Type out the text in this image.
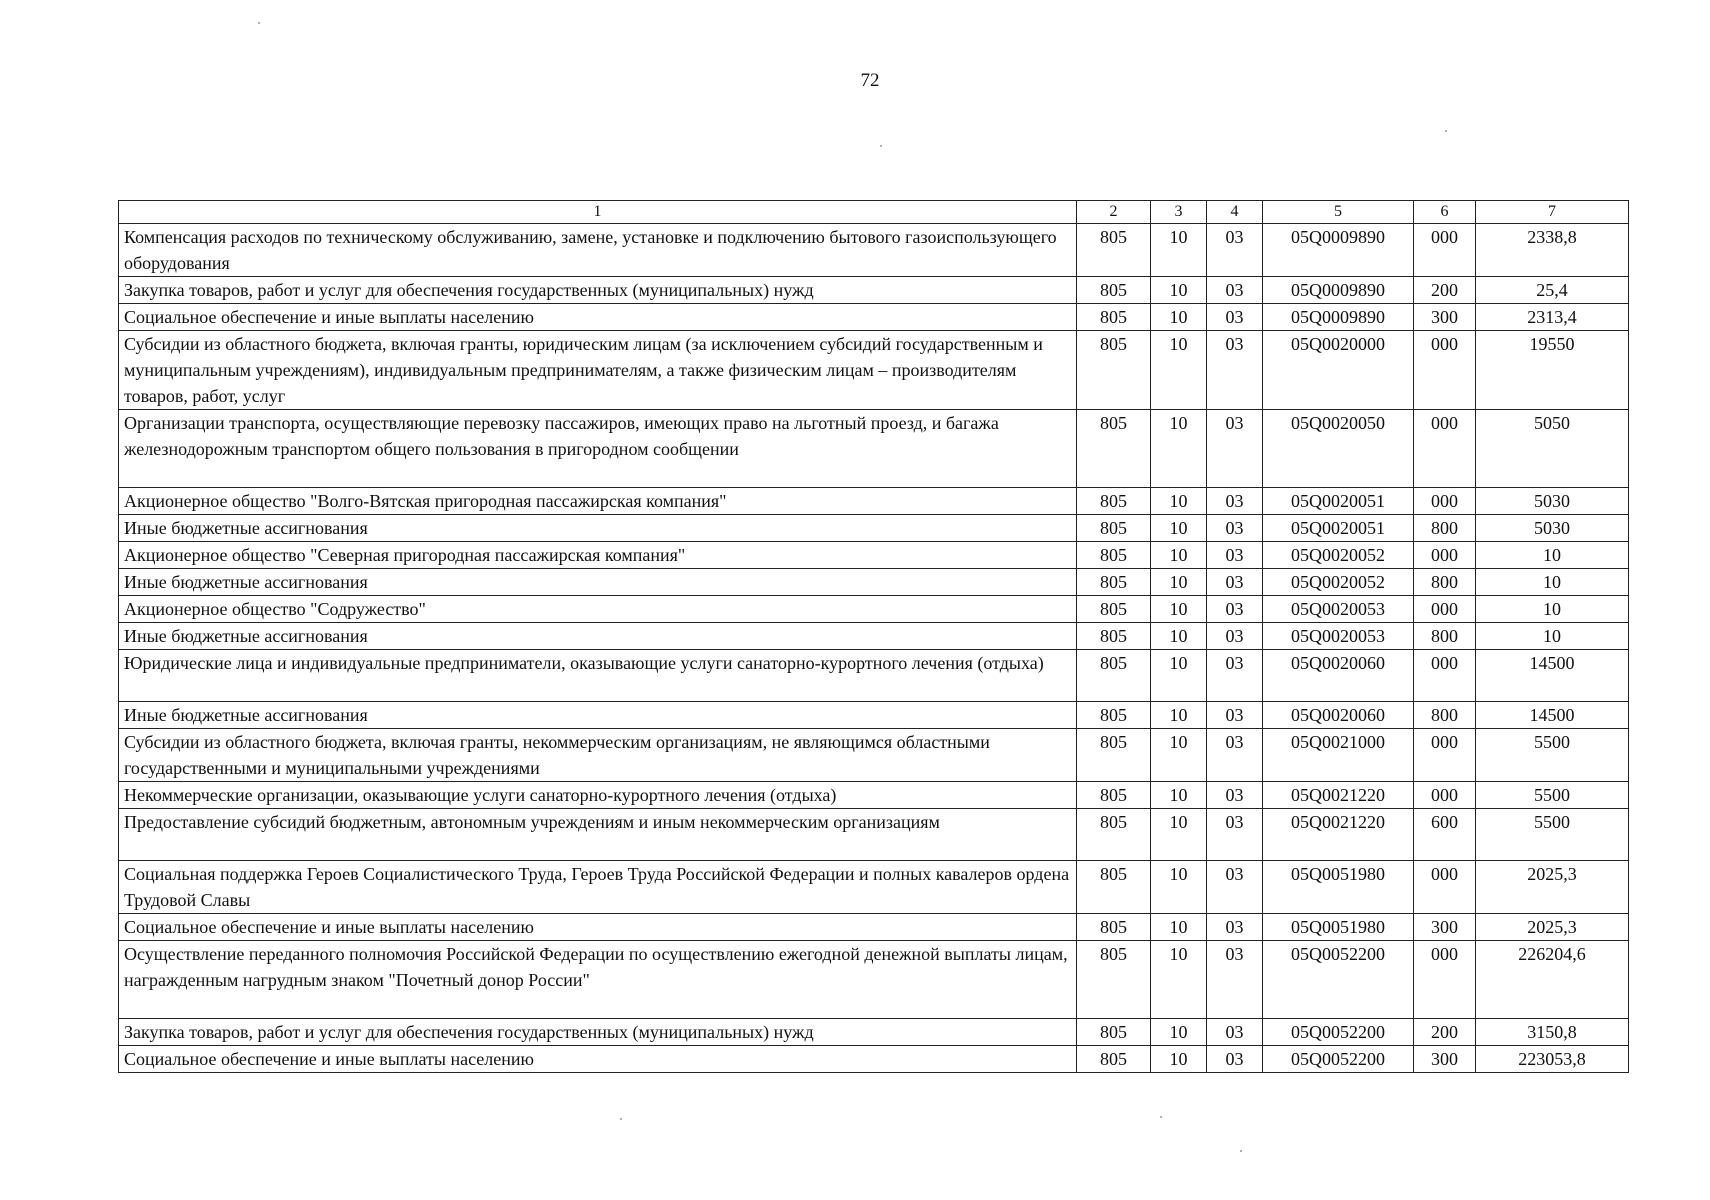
72
1	2	3	4	5	6	7
Компенсация расходов по техническому обслуживанию, замене, установке и подключению бытового газоиспользующего оборудования	805	10	03	05Q0009890	000	2338,8
Закупка товаров, работ и услуг для обеспечения государственных (муниципальных) нужд	805	10	03	05Q0009890	200	25,4
Социальное обеспечение и иные выплаты населению	805	10	03	05Q0009890	300	2313,4
Субсидии из областного бюджета, включая гранты, юридическим лицам (за исключением субсидий государственным и муниципальным учреждениям), индивидуальным предпринимателям, а также физическим лицам – производителям товаров, работ, услуг	805	10	03	05Q0020000	000	19550
Организации транспорта, осуществляющие перевозку пассажиров, имеющих право на льготный проезд, и багажа железнодорожным транспортом общего пользования в пригородном сообщении	805	10	03	05Q0020050	000	5050
Акционерное общество "Волго-Вятская пригородная пассажирская компания"	805	10	03	05Q0020051	000	5030
Иные бюджетные ассигнования	805	10	03	05Q0020051	800	5030
Акционерное общество "Северная пригородная пассажирская компания"	805	10	03	05Q0020052	000	10
Иные бюджетные ассигнования	805	10	03	05Q0020052	800	10
Акционерное общество "Содружество"	805	10	03	05Q0020053	000	10
Иные бюджетные ассигнования	805	10	03	05Q0020053	800	10
Юридические лица и индивидуальные предприниматели, оказывающие услуги санаторно-курортного лечения (отдыха)	805	10	03	05Q0020060	000	14500
Иные бюджетные ассигнования	805	10	03	05Q0020060	800	14500
Субсидии из областного бюджета, включая гранты, некоммерческим организациям, не являющимся областными государственными и муниципальными учреждениями	805	10	03	05Q0021000	000	5500
Некоммерческие организации, оказывающие услуги санаторно-курортного лечения (отдыха)	805	10	03	05Q0021220	000	5500
Предоставление субсидий бюджетным, автономным учреждениям и иным некоммерческим организациям	805	10	03	05Q0021220	600	5500
Социальная поддержка Героев Социалистического Труда, Героев Труда Российской Федерации и полных кавалеров ордена Трудовой Славы	805	10	03	05Q0051980	000	2025,3
Социальное обеспечение и иные выплаты населению	805	10	03	05Q0051980	300	2025,3
Осуществление переданного полномочия Российской Федерации по осуществлению ежегодной денежной выплаты лицам, награжденным нагрудным знаком "Почетный донор России"	805	10	03	05Q0052200	000	226204,6
Закупка товаров, работ и услуг для обеспечения государственных (муниципальных) нужд	805	10	03	05Q0052200	200	3150,8
Социальное обеспечение и иные выплаты населению	805	10	03	05Q0052200	300	223053,8
